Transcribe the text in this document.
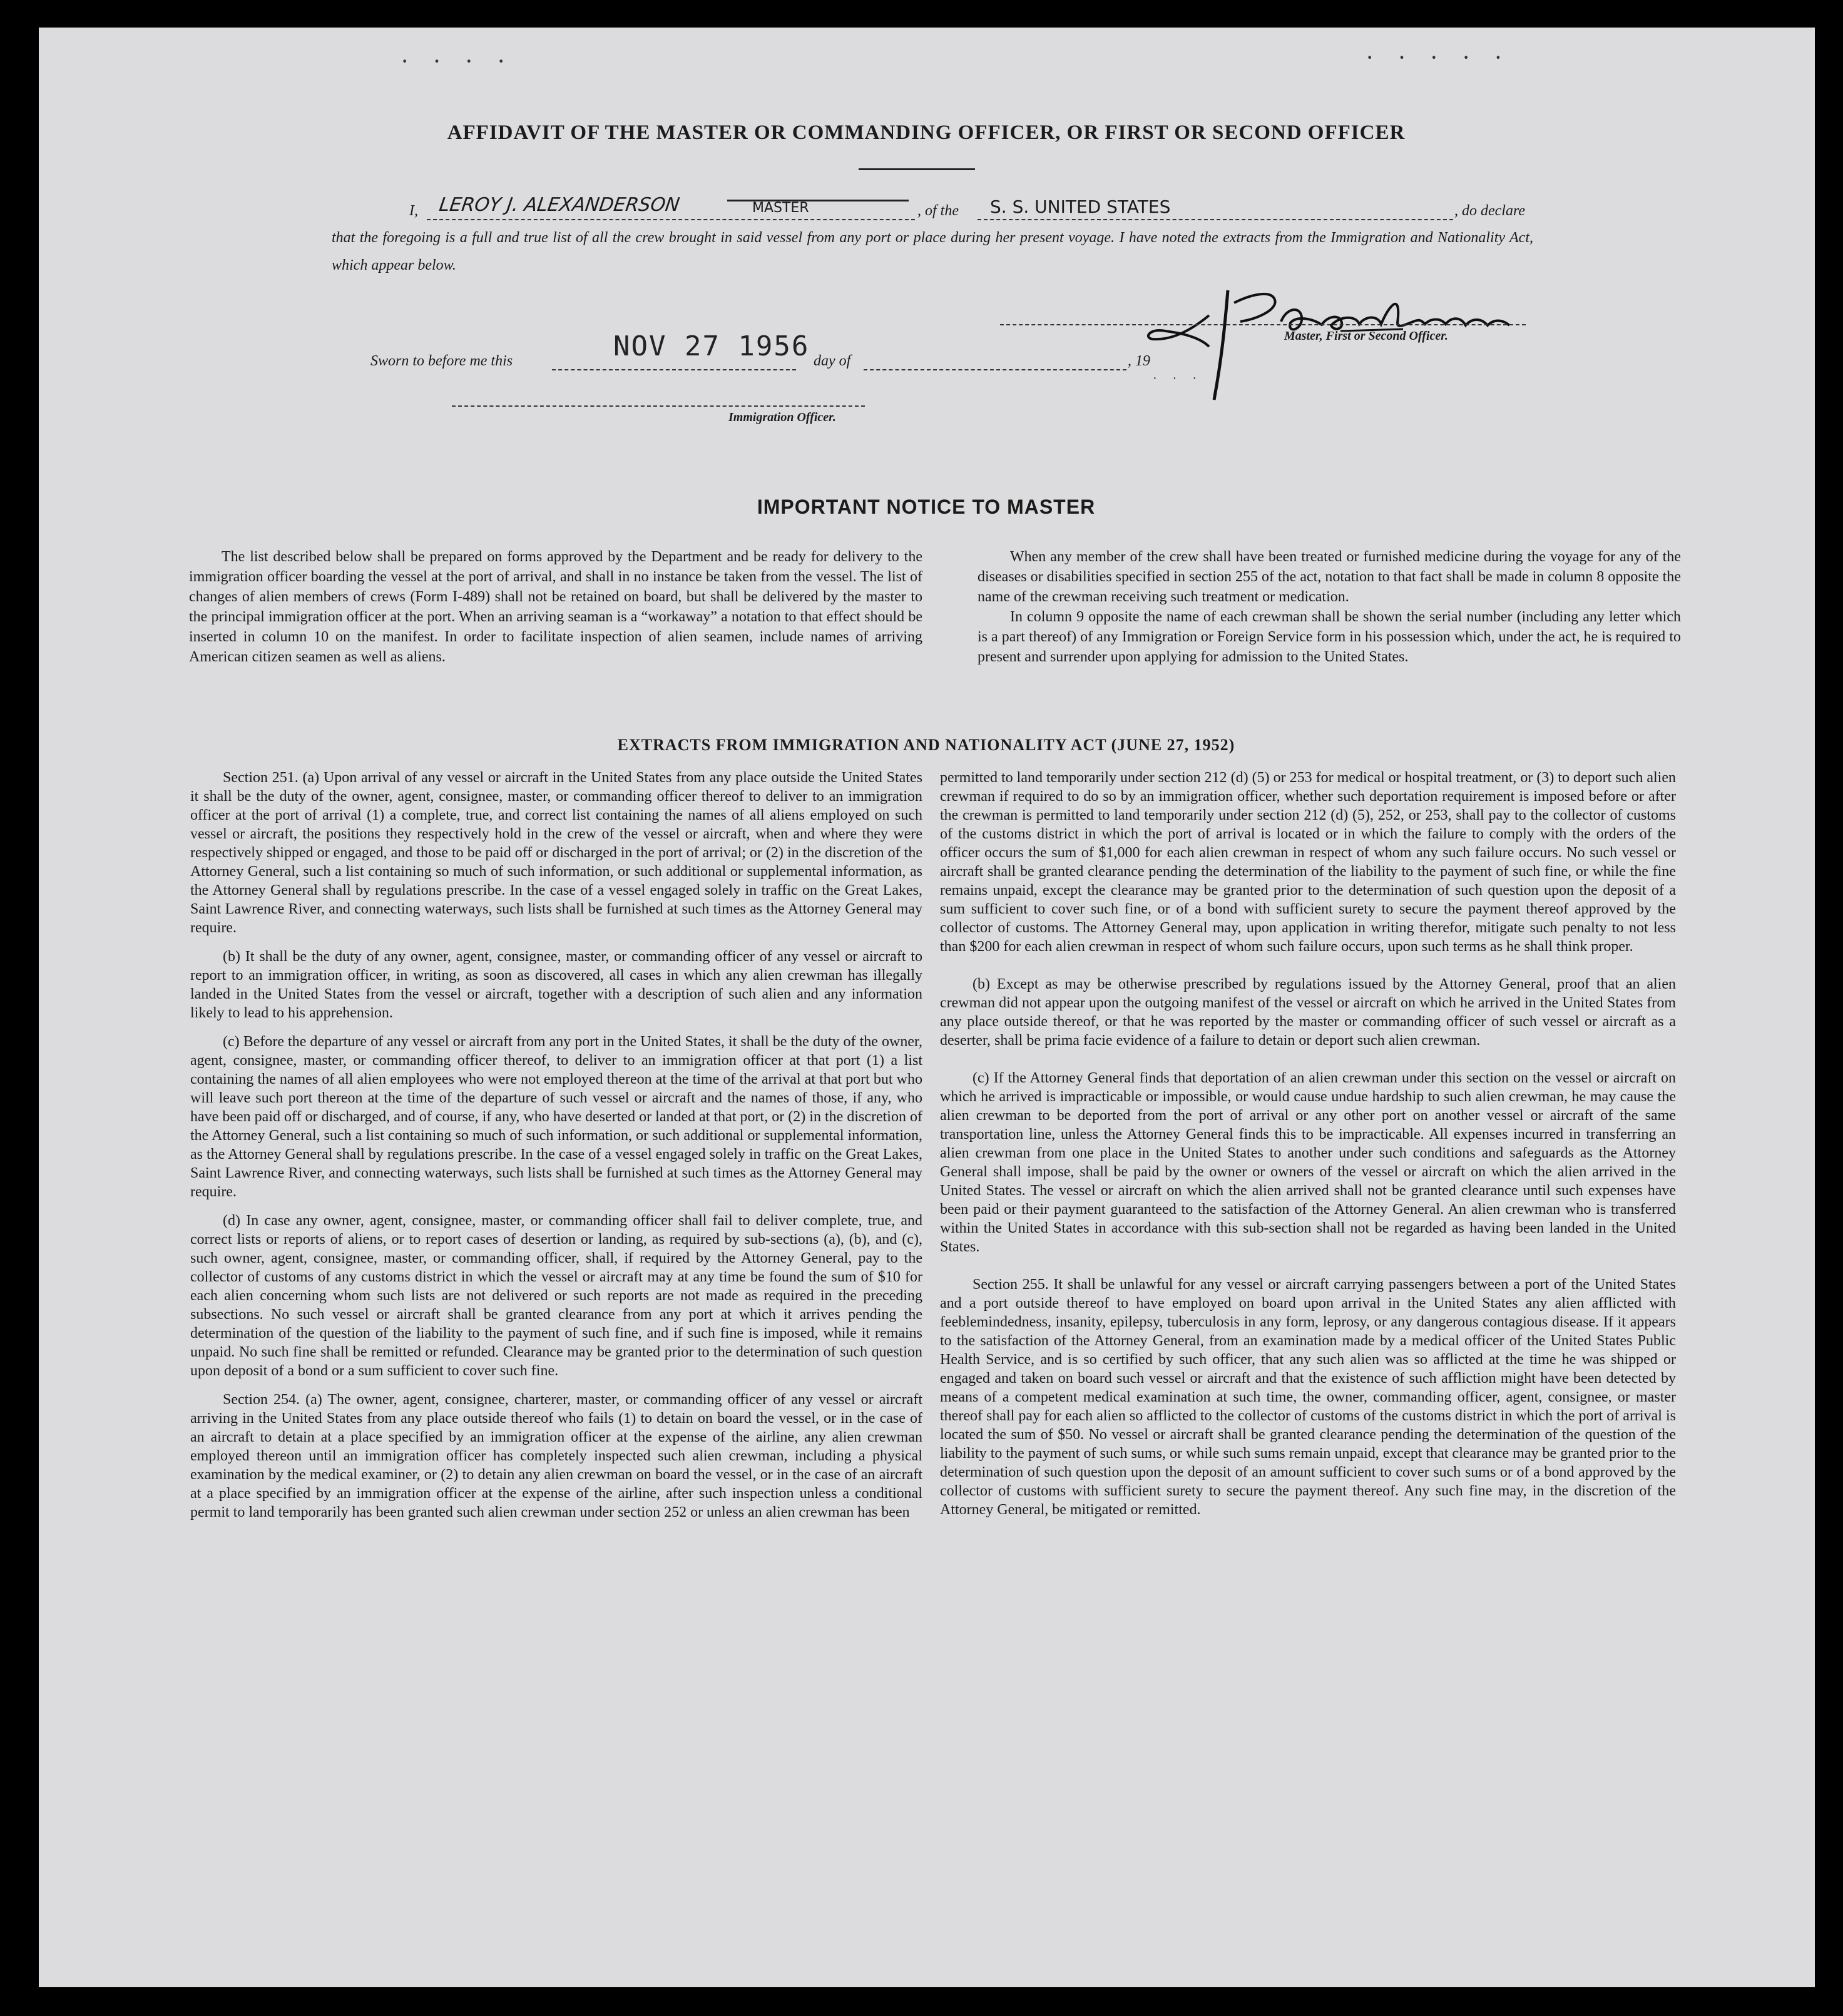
· · · ·	· · · · ·
AFFIDAVIT OF THE MASTER OR COMMANDING OFFICER, OR FIRST OR SECOND OFFICER
I, LEROY J. ALEXANDERSON	MASTER	, of the S. S. UNITED STATES	, do declare
that the foregoing is a full and true list of all the crew brought in said vessel from any port or place during her present voyage. I have noted the extracts from the Immigration and Nationality Act, which appear below.
Master, First or Second Officer.
Sworn to before me this	NOV 27 1956 day of	, 19
· · ·
Immigration Officer.
IMPORTANT NOTICE TO MASTER

The list described below shall be prepared on forms approved by the Department and be ready for delivery to the immigration officer boarding the vessel at the port of arrival, and shall in no instance be taken from the vessel. The list of changes of alien members of crews (Form I-489) shall not be retained on board, but shall be delivered by the master to the principal immigration officer at the port. When an arriving seaman is a “workaway” a notation to that effect should be inserted in column 10 on the manifest. In order to facilitate inspection of alien seamen, include names of arriving American citizen seamen as well as aliens.

When any member of the crew shall have been treated or furnished medicine during the voyage for any of the diseases or disabilities specified in section 255 of the act, notation to that fact shall be made in column 8 opposite the name of the crewman receiving such treatment or medication.

In column 9 opposite the name of each crewman shall be shown the serial number (including any letter which is a part thereof) of any Immigration or Foreign Service form in his possession which, under the act, he is required to present and surrender upon applying for admission to the United States.

EXTRACTS FROM IMMIGRATION AND NATIONALITY ACT (JUNE 27, 1952)

Section 251. (a) Upon arrival of any vessel or aircraft in the United States from any place outside the United States it shall be the duty of the owner, agent, consignee, master, or commanding officer thereof to deliver to an immigration officer at the port of arrival (1) a complete, true, and correct list containing the names of all aliens employed on such vessel or aircraft, the positions they respectively hold in the crew of the vessel or aircraft, when and where they were respectively shipped or engaged, and those to be paid off or discharged in the port of arrival; or (2) in the discretion of the Attorney General, such a list containing so much of such information, or such additional or supplemental information, as the Attorney General shall by regulations prescribe. In the case of a vessel engaged solely in traffic on the Great Lakes, Saint Lawrence River, and connecting waterways, such lists shall be furnished at such times as the Attorney General may require.

(b) It shall be the duty of any owner, agent, consignee, master, or commanding officer of any vessel or aircraft to report to an immigration officer, in writing, as soon as discovered, all cases in which any alien crewman has illegally landed in the United States from the vessel or aircraft, together with a description of such alien and any information likely to lead to his apprehension.

(c) Before the departure of any vessel or aircraft from any port in the United States, it shall be the duty of the owner, agent, consignee, master, or commanding officer thereof, to deliver to an immigration officer at that port (1) a list containing the names of all alien employees who were not employed thereon at the time of the arrival at that port but who will leave such port thereon at the time of the departure of such vessel or aircraft and the names of those, if any, who have been paid off or discharged, and of course, if any, who have deserted or landed at that port, or (2) in the discretion of the Attorney General, such a list containing so much of such information, or such additional or supplemental information, as the Attorney General shall by regulations prescribe. In the case of a vessel engaged solely in traffic on the Great Lakes, Saint Lawrence River, and connecting waterways, such lists shall be furnished at such times as the Attorney General may require.

(d) In case any owner, agent, consignee, master, or commanding officer shall fail to deliver complete, true, and correct lists or reports of aliens, or to report cases of desertion or landing, as required by sub-sections (a), (b), and (c), such owner, agent, consignee, master, or commanding officer, shall, if required by the Attorney General, pay to the collector of customs of any customs district in which the vessel or aircraft may at any time be found the sum of $10 for each alien concerning whom such lists are not delivered or such reports are not made as required in the preceding subsections. No such vessel or aircraft shall be granted clearance from any port at which it arrives pending the determination of the question of the liability to the payment of such fine, and if such fine is imposed, while it remains unpaid. No such fine shall be remitted or refunded. Clearance may be granted prior to the determination of such question upon deposit of a bond or a sum sufficient to cover such fine.

Section 254. (a) The owner, agent, consignee, charterer, master, or commanding officer of any vessel or aircraft arriving in the United States from any place outside thereof who fails (1) to detain on board the vessel, or in the case of an aircraft to detain at a place specified by an immigration officer at the expense of the airline, any alien crewman employed thereon until an immigration officer has completely inspected such alien crewman, including a physical examination by the medical examiner, or (2) to detain any alien crewman on board the vessel, or in the case of an aircraft at a place specified by an immigration officer at the expense of the airline, after such inspection unless a conditional permit to land temporarily has been granted such alien crewman under section 252 or unless an alien crewman has been

permitted to land temporarily under section 212 (d) (5) or 253 for medical or hospital treatment, or (3) to deport such alien crewman if required to do so by an immigration officer, whether such deportation requirement is imposed before or after the crewman is permitted to land temporarily under section 212 (d) (5), 252, or 253, shall pay to the collector of customs of the customs district in which the port of arrival is located or in which the failure to comply with the orders of the officer occurs the sum of $1,000 for each alien crewman in respect of whom any such failure occurs. No such vessel or aircraft shall be granted clearance pending the determination of the liability to the payment of such fine, or while the fine remains unpaid, except the clearance may be granted prior to the determination of such question upon the deposit of a sum sufficient to cover such fine, or of a bond with sufficient surety to secure the payment thereof approved by the collector of customs. The Attorney General may, upon application in writing therefor, mitigate such penalty to not less than $200 for each alien crewman in respect of whom such failure occurs, upon such terms as he shall think proper.

(b) Except as may be otherwise prescribed by regulations issued by the Attorney General, proof that an alien crewman did not appear upon the outgoing manifest of the vessel or aircraft on which he arrived in the United States from any place outside thereof, or that he was reported by the master or commanding officer of such vessel or aircraft as a deserter, shall be prima facie evidence of a failure to detain or deport such alien crewman.

(c) If the Attorney General finds that deportation of an alien crewman under this section on the vessel or aircraft on which he arrived is impracticable or impossible, or would cause undue hardship to such alien crewman, he may cause the alien crewman to be deported from the port of arrival or any other port on another vessel or aircraft of the same transportation line, unless the Attorney General finds this to be impracticable. All expenses incurred in transferring an alien crewman from one place in the United States to another under such conditions and safeguards as the Attorney General shall impose, shall be paid by the owner or owners of the vessel or aircraft on which the alien arrived in the United States. The vessel or aircraft on which the alien arrived shall not be granted clearance until such expenses have been paid or their payment guaranteed to the satisfaction of the Attorney General. An alien crewman who is transferred within the United States in accordance with this sub-section shall not be regarded as having been landed in the United States.

Section 255. It shall be unlawful for any vessel or aircraft carrying passengers between a port of the United States and a port outside thereof to have employed on board upon arrival in the United States any alien afflicted with feeblemindedness, insanity, epilepsy, tuberculosis in any form, leprosy, or any dangerous contagious disease. If it appears to the satisfaction of the Attorney General, from an examination made by a medical officer of the United States Public Health Service, and is so certified by such officer, that any such alien was so afflicted at the time he was shipped or engaged and taken on board such vessel or aircraft and that the existence of such affliction might have been detected by means of a competent medical examination at such time, the owner, commanding officer, agent, consignee, or master thereof shall pay for each alien so afflicted to the collector of customs of the customs district in which the port of arrival is located the sum of $50. No vessel or aircraft shall be granted clearance pending the determination of the question of the liability to the payment of such sums, or while such sums remain unpaid, except that clearance may be granted prior to the determination of such question upon the deposit of an amount sufficient to cover such sums or of a bond approved by the collector of customs with sufficient surety to secure the payment thereof. Any such fine may, in the discretion of the Attorney General, be mitigated or remitted.
